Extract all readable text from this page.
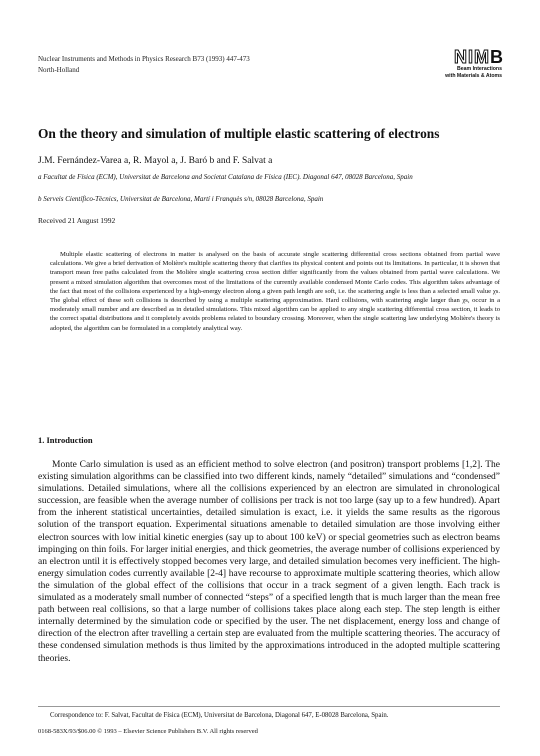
Nuclear Instruments and Methods in Physics Research B73 (1993) 447-473
North-Holland
NIMB
Beam Interactions
with Materials & Atoms
On the theory and simulation of multiple elastic scattering of electrons
J.M. Fernández-Varea a, R. Mayol a, J. Baró b and F. Salvat a
a Facultat de Física (ECM), Universitat de Barcelona and Societat Catalana de Física (IEC). Diagonal 647, 08028 Barcelona, Spain
b Serveis Científico-Tècnics, Universitat de Barcelona, Martí i Franquès s/n, 08028 Barcelona, Spain
Received 21 August 1992
Multiple elastic scattering of electrons in matter is analysed on the basis of accurate single scattering differential cross sections obtained from partial wave calculations. We give a brief derivation of Molière's multiple scattering theory that clarifies its physical content and points out its limitations. In particular, it is shown that transport mean free paths calculated from the Molière single scattering cross section differ significantly from the values obtained from partial wave calculations. We present a mixed simulation algorithm that overcomes most of the limitations of the currently available condensed Monte Carlo codes. This algorithm takes advantage of the fact that most of the collisions experienced by a high-energy electron along a given path length are soft, i.e. the scattering angle is less than a selected small value χs. The global effect of these soft collisions is described by using a multiple scattering approximation. Hard collisions, with scattering angle larger than χs, occur in a moderately small number and are described as in detailed simulations. This mixed algorithm can be applied to any single scattering differential cross section, it leads to the correct spatial distributions and it completely avoids problems related to boundary crossing. Moreover, when the single scattering law underlying Molière's theory is adopted, the algorithm can be formulated in a completely analytical way.
1. Introduction
Monte Carlo simulation is used as an efficient method to solve electron (and positron) transport problems [1,2]. The existing simulation algorithms can be classified into two different kinds, namely “detailed” simulations and “condensed” simulations. Detailed simulations, where all the collisions experienced by an electron are simulated in chronological succession, are feasible when the average number of collisions per track is not too large (say up to a few hundred). Apart from the inherent statistical uncertainties, detailed simulation is exact, i.e. it yields the same results as the rigorous solution of the transport equation. Experimental situations amenable to detailed simulation are those involving either electron sources with low initial kinetic energies (say up to about 100 keV) or special geometries such as electron beams impinging on thin foils. For larger initial energies, and thick geometries, the average number of collisions experienced by an electron until it is effectively stopped becomes very large, and detailed simulation becomes very inefficient. The high-energy simulation codes currently available [2-4] have recourse to approximate multiple scattering theories, which allow the simulation of the global effect of the collisions that occur in a track segment of a given length. Each track is simulated as a moderately small number of connected “steps” of a specified length that is much larger than the mean free path between real collisions, so that a large number of collisions takes place along each step. The step length is either internally determined by the simulation code or specified by the user. The net displacement, energy loss and change of direction of the electron after travelling a certain step are evaluated from the multiple scattering theories. The accuracy of these condensed simulation methods is thus limited by the approximations introduced in the adopted multiple scattering theories.
Correspondence to: F. Salvat, Facultat de Física (ECM), Universitat de Barcelona, Diagonal 647, E-08028 Barcelona, Spain.
0168-583X/93/$06.00 © 1993 – Elsevier Science Publishers B.V. All rights reserved
